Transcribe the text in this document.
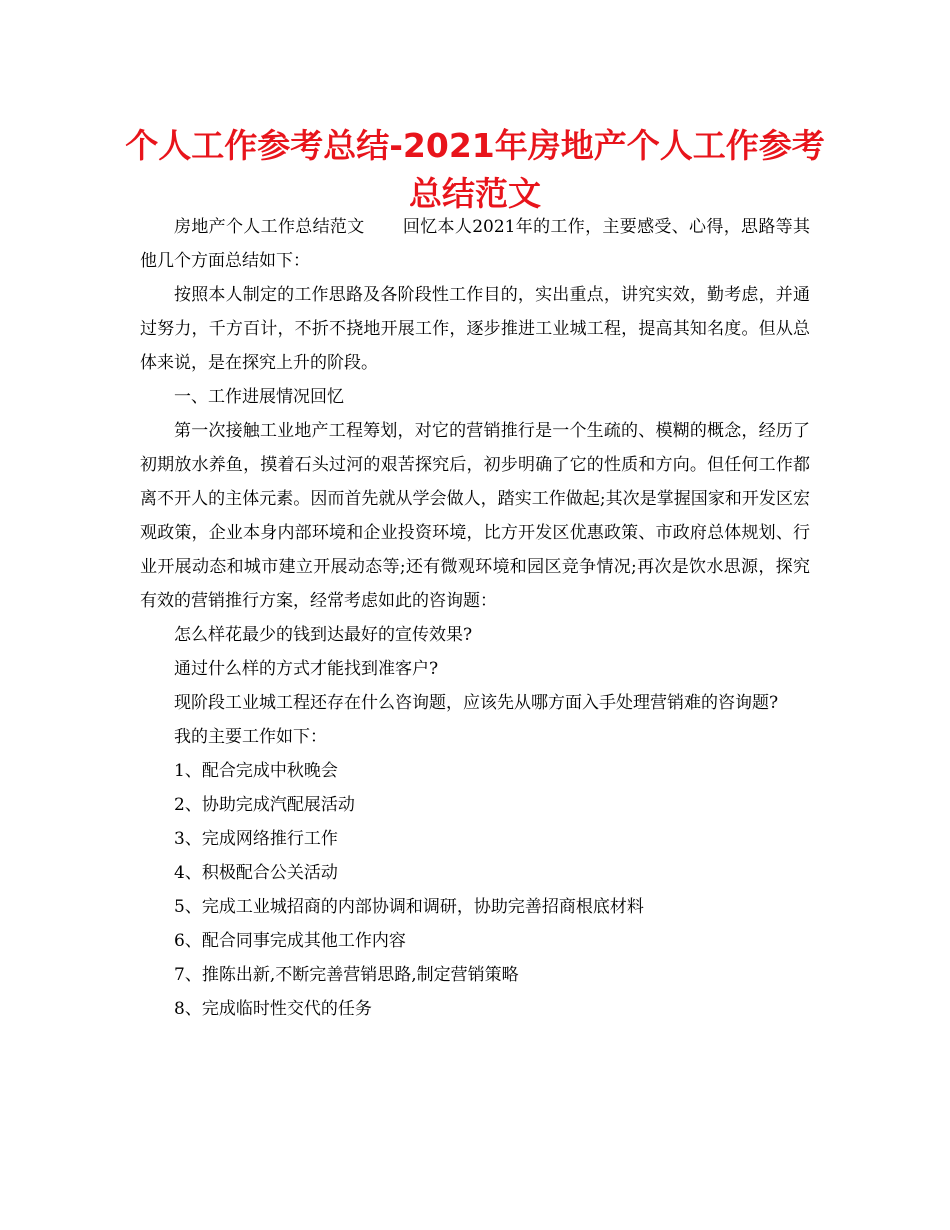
个人工作参考总结-2021年房地产个人工作参考总结范文

房地产个人工作总结范文 回忆本人2021年的工作，主要感受、心得，思路等其他几个方面总结如下：

按照本人制定的工作思路及各阶段性工作目的，实出重点，讲究实效，勤考虑，并通过努力，千方百计，不折不挠地开展工作，逐步推进工业城工程，提高其知名度。但从总体来说，是在探究上升的阶段。

一、工作进展情况回忆

第一次接触工业地产工程筹划，对它的营销推行是一个生疏的、模糊的概念，经历了初期放水养鱼，摸着石头过河的艰苦探究后，初步明确了它的性质和方向。但任何工作都离不开人的主体元素。因而首先就从学会做人，踏实工作做起;其次是掌握国家和开发区宏观政策，企业本身内部环境和企业投资环境，比方开发区优惠政策、市政府总体规划、行业开展动态和城市建立开展动态等;还有微观环境和园区竞争情况;再次是饮水思源，探究有效的营销推行方案，经常考虑如此的咨询题：

怎么样花最少的钱到达最好的宣传效果?

通过什么样的方式才能找到准客户?

现阶段工业城工程还存在什么咨询题，应该先从哪方面入手处理营销难的咨询题?

我的主要工作如下：

1、配合完成中秋晚会

2、协助完成汽配展活动

3、完成网络推行工作

4、积极配合公关活动

5、完成工业城招商的内部协调和调研，协助完善招商根底材料

6、配合同事完成其他工作内容

7、推陈出新,不断完善营销思路,制定营销策略

8、完成临时性交代的任务
